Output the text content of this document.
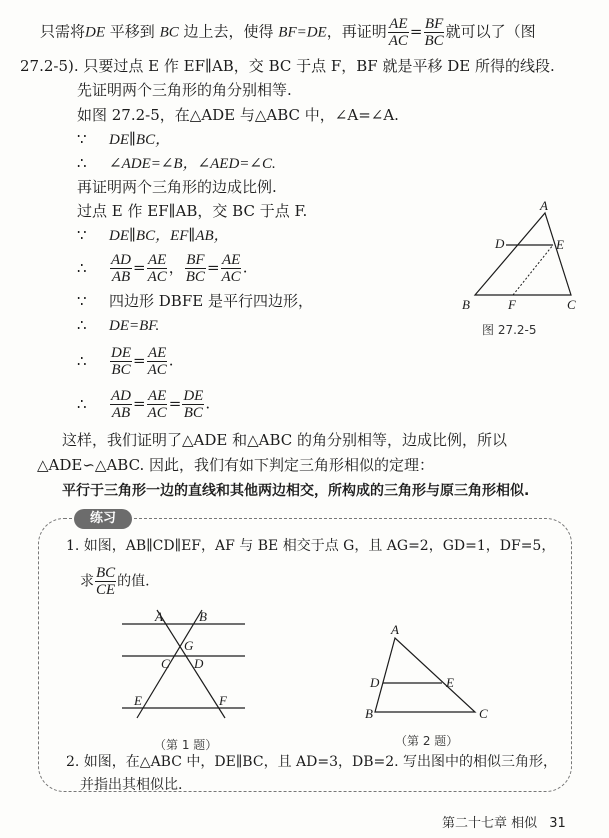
只需将DE 平移到 BC 边上去，使得 BF=DE，再证明 $\frac{AE}{AC} = \frac{BF}{BC}$ 就可以了（图
27.2-5). 只要过点 E 作 EF∥AB，交 BC 于点 F，BF 就是平移 DE 所得的线段.
先证明两个三角形的角分别相等.
如图 27.2-5，在△ADE 与△ABC 中，∠A=∠A.
∵ DE∥BC，
∴ ∠ADE=∠B，∠AED=∠C.
再证明两个三角形的边成比例.
过点 E 作 EF∥AB，交 BC 于点 F.
∵ DE∥BC，EF∥AB，
∴ $\frac{AD}{AB} = \frac{AE}{AC}$ ， $\frac{BF}{BC} = \frac{AE}{AC}$ .
∵ 四边形 DBFE 是平行四边形，
∴ DE=BF.
∴ $\frac{DE}{BC} = \frac{AE}{AC}$ .
∴ $\frac{AD}{AB} = \frac{AE}{AC} = \frac{DE}{BC}$ .
这样，我们证明了△ADE 和△ABC 的角分别相等，边成比例，所以
△ADE∽△ABC. 因此，我们有如下判定三角形相似的定理：
平行于三角形一边的直线和其他两边相交，所构成的三角形与原三角形相似.
A
D	E
B	F	C
图 27.2-5
练习
1. 如图，AB∥CD∥EF，AF 与 BE 相交于点 G，且 AG=2，GD=1，DF=5，
求 $\frac{BC}{CE}$ 的值.
A	B
G
C D
E	F
（第 1 题）
A
D	E
B	C
（第 2 题）
2. 如图，在△ABC 中，DE∥BC，且 AD=3，DB=2. 写出图中的相似三角形，
并指出其相似比.
第二十七章 相似 31
